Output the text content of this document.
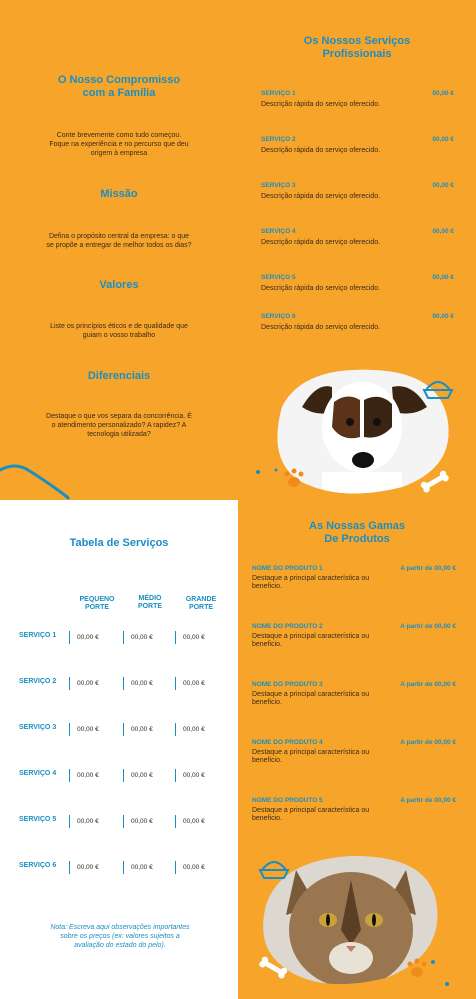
O Nosso Compromisso
com a Família
Conte brevemente como tudo começou.
Foque na experiência e no percurso que deu
origem à empresa
Missão
Defina o propósito central da empresa: o que
se propõe a entregar de melhor todos os dias?
Valores
Liste os princípios éticos e de qualidade que
guiam o vosso trabalho
Diferenciais
Destaque o que vos separa da concorrência. É
o atendimento personalizado? A rapidez? A
tecnologia utilizada?
Os Nossos Serviços
Profissionais
SERVIÇO 1	00,00 €
Descrição rápida do serviço oferecido.
SERVIÇO 2	00,00 €
Descrição rápida do serviço oferecido.
SERVIÇO 3	00,00 €
Descrição rápida do serviço oferecido.
SERVIÇO 4	00,00 €
Descrição rápida do serviço oferecido.
SERVIÇO 5	00,00 €
Descrição rápida do serviço oferecido.
SERVIÇO 6	00,00 €
Descrição rápida do serviço oferecido.
Tabela de Serviços
PEQUENO
PORTE
MÉDIO
PORTE
GRANDE
PORTE
SERVIÇO 1	00,00 €	00,00 €	00,00 €
SERVIÇO 2	00,00 €	00,00 €	00,00 €
SERVIÇO 3	00,00 €	00,00 €	00,00 €
SERVIÇO 4	00,00 €	00,00 €	00,00 €
SERVIÇO 5	00,00 €	00,00 €	00,00 €
SERVIÇO 6	00,00 €	00,00 €	00,00 €
Nota: Escreva aqui observações importantes
sobre os preços (ex: valores sujeitos a
avaliação do estado do pelo).
As Nossas Gamas
De Produtos
NOME DO PRODUTO 1	A partir de 00,00 €
Destaque a principal característica ou
beneficio.
NOME DO PRODUTO 2	A partir de 00,00 €
Destaque a principal característica ou
beneficio.
NOME DO PRODUTO 3	A partir de 00,00 €
Destaque a principal característica ou
beneficio.
NOME DO PRODUTO 4	A partir de 00,00 €
Destaque a principal característica ou
beneficio.
NOME DO PRODUTO 5	A partir de 00,00 €
Destaque a principal característica ou
beneficio.
